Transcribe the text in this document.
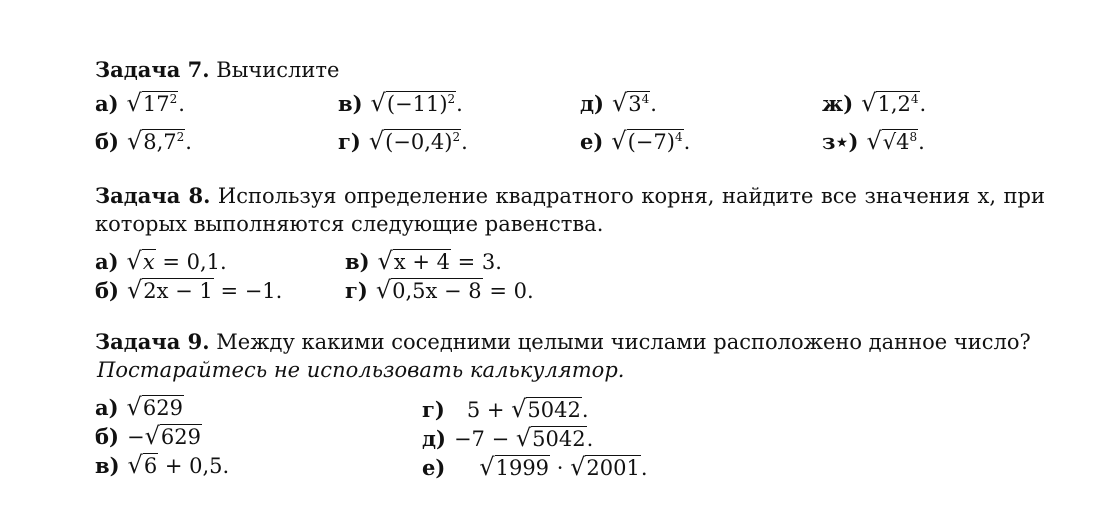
Задача 7. Вычислите
а) $√17^2$.
б) $√8,7^2$.
в) $√(-11)^2$.
г) $√(-0,4)^2$.
д) $√3^4$.
е) $√(-7)^4$.
ж) $√1,2^4$.
з⋆) $√√4^8$.
Задача 8. Используя определение квадратного корня, найдите все значения x, при
которых выполняются следующие равенства.
а) √x = 0,1.
б) √2x − 1 = −1.
в) √x + 4 = 3.
г) √0,5x − 8 = 0.
Задача 9. Между какими соседними целыми числами расположено данное число?
Постарайтесь не использовать калькулятор.
а) √629
б) −√629
в) √6 + 0,5.
г) 5 + √5042.
д) −7 − √5042.
е) √1999 · √2001.
